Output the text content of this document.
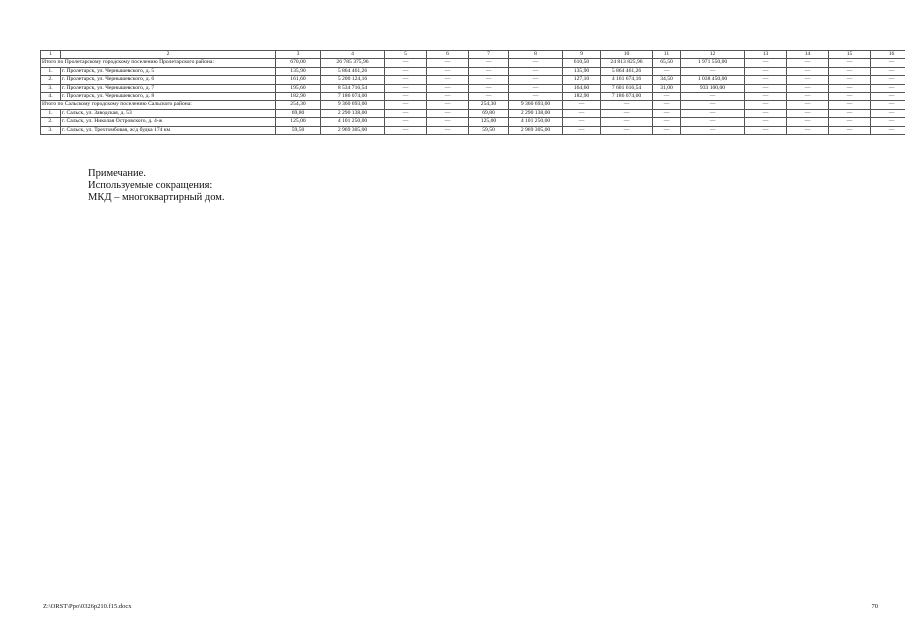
1	2	3	4	5	6	7	8	9	10	11	12	13	14	15	16
Итого по Пролетарскому городскому поселению Пролетарского района:		670,00	26 785 375,96	—	—	—	—	610,50	24 813 825,96	65,50	1 971 550,00	—	—	—	—
1.	г. Пролетарск, ул. Чернышевского, д. 5	135,90	5 864 461,26	—	—	—	—	135,90	5 864 461,26	—	—	—	—	—	—
2.	г. Пролетарск, ул. Чернышевского, д. 6	161,60	5 200 124,16	—	—	—	—	127,10	4 161 674,16	34,50	1 038 450,00	—	—	—	—
3.	г. Пролетарск, ул. Чернышевского, д. 7	195,60	8 534 716,54	—	—	—	—	164,60	7 601 616,54	31,00	933 100,00	—	—	—	—
4.	г. Пролетарск, ул. Чернышевского, д. 8	182,90	7 186 074,00	—	—	—	—	182,90	7 186 074,00	—	—	—	—	—	—
Итого по Сальскому городскому поселению Сальского района:		254,30	9 360 693,00	—	—	254,30	9 360 693,00	—	—	—	—	—	—	—	—
1.	г. Сальск, ул. Заводская, д. 53	69,80	2 290 138,00	—	—	69,80	2 290 138,00	—	—	—	—	—	—	—	—
2.	г. Сальск, ул. Николая Островского, д. 4-ж	125,00	4 101 250,00	—	—	125,00	4 101 250,00	—	—	—	—	—	—	—	—
3.	г. Сальск, ул. Трехтомбовая, ж/д будка 174 км	59,50	2 969 305,00	—	—	59,50	2 969 305,00	—	—	—	—	—	—	—	—
Примечание.
Используемые сокращения:
МКД – многоквартирный дом.
Z:\ORST\Ppo\0326p210.f15.docx	70
